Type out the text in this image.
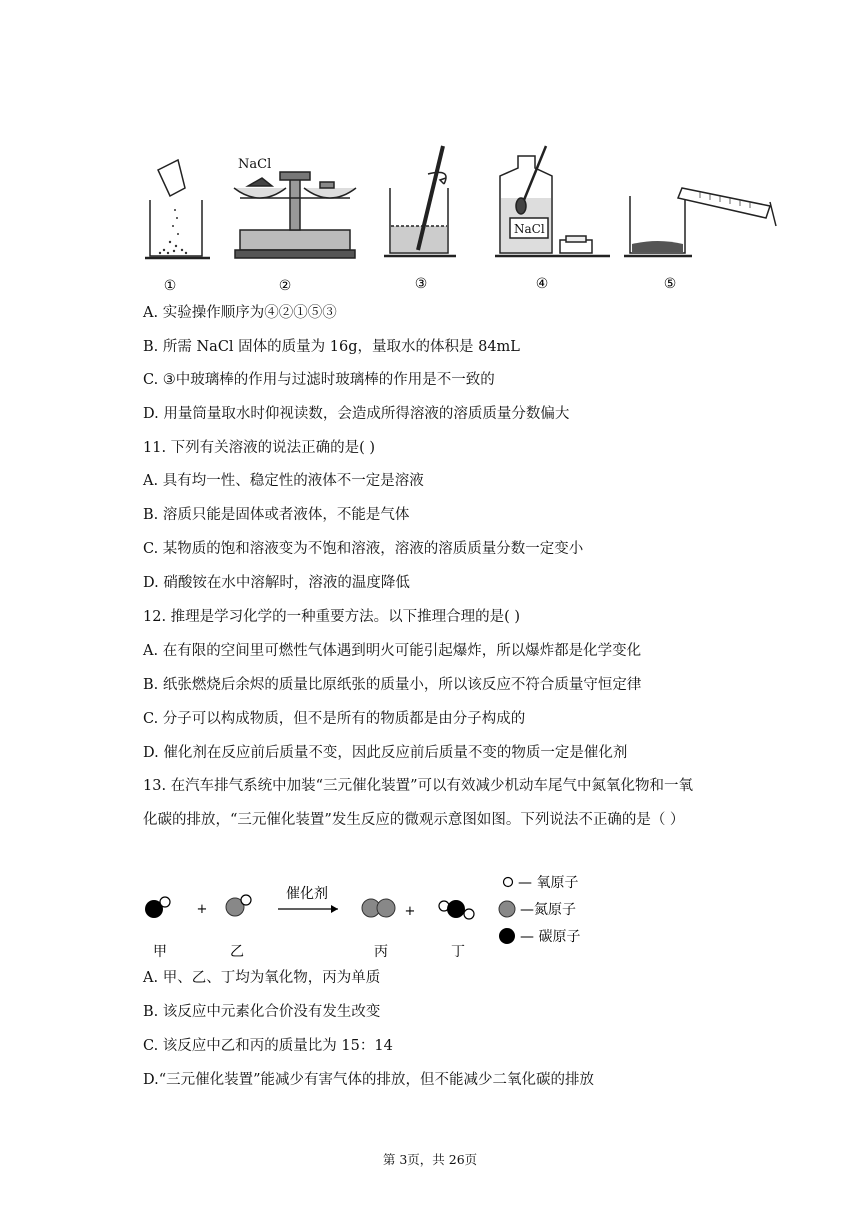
①
NaCl
②	③
NaCl
④	⑤
A. 实验操作顺序为④②①⑤③
B. 所需 NaCl 固体的质量为 16g，量取水的体积是 84mL
C. ③中玻璃棒的作用与过滤时玻璃棒的作用是不一致的
D. 用量筒量取水时仰视读数，会造成所得溶液的溶质质量分数偏大
11. 下列有关溶液的说法正确的是( )
A. 具有均一性、稳定性的液体不一定是溶液
B. 溶质只能是固体或者液体，不能是气体
C. 某物质的饱和溶液变为不饱和溶液，溶液的溶质质量分数一定变小
D. 硝酸铵在水中溶解时，溶液的温度降低
12. 推理是学习化学的一种重要方法。以下推理合理的是( )
A. 在有限的空间里可燃性气体遇到明火可能引起爆炸，所以爆炸都是化学变化
B. 纸张燃烧后余烬的质量比原纸张的质量小，所以该反应不符合质量守恒定律
C. 分子可以构成物质，但不是所有的物质都是由分子构成的
D. 催化剂在反应前后质量不变，因此反应前后质量不变的物质一定是催化剂
13. 在汽车排气系统中加装“三元催化装置”可以有效减少机动车尾气中氮氧化物和一氧
化碳的排放，“三元催化装置”发生反应的微观示意图如图。下列说法不正确的是（ ）
+
催化剂
+
甲	乙	丙	丁
— 氧原子
—氮原子
— 碳原子
A. 甲、乙、丁均为氧化物，丙为单质
B. 该反应中元素化合价没有发生改变
C. 该反应中乙和丙的质量比为 15：14
D.“三元催化装置”能减少有害气体的排放，但不能减少二氧化碳的排放
第 3页，共 26页
